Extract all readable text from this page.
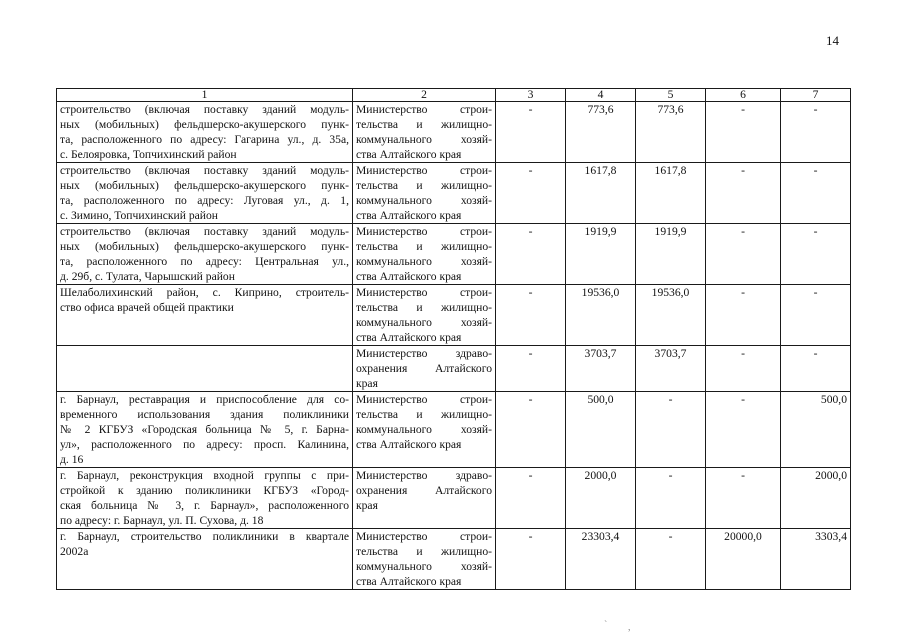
14
1	2	3	4	5	6	7

строительство (включая поставку зданий модуль-
ных (мобильных) фельдшерско-акушерского пунк-
та, расположенного по адресу: Гагарина ул., д. 35а,
с. Белояровка, Топчихинский район	Министерство строи-
тельства и жилищно-
коммунального хозяй-
ства Алтайского края	-	773,6	773,6	-	-

строительство (включая поставку зданий модуль-
ных (мобильных) фельдшерско-акушерского пунк-
та, расположенного по адресу: Луговая ул., д. 1,
с. Зимино, Топчихинский район	Министерство строи-
тельства и жилищно-
коммунального хозяй-
ства Алтайского края	-	1617,8	1617,8	-	-

строительство (включая поставку зданий модуль-
ных (мобильных) фельдшерско-акушерского пунк-
та, расположенного по адресу: Центральная ул.,
д. 29б, с. Тулата, Чарышский район	Министерство строи-
тельства и жилищно-
коммунального хозяй-
ства Алтайского края	-	1919,9	1919,9	-	-

Шелаболихинский район, с. Киприно, строитель-
ство офиса врачей общей практики	Министерство строи-
тельства и жилищно-
коммунального хозяй-
ства Алтайского края	-	19536,0	19536,0	-	-

	Министерство здраво-
охранения Алтайского
края	-	3703,7	3703,7	-	-

г. Барнаул, реставрация и приспособление для со-
временного использования здания поликлиники
№ 2 КГБУЗ «Городская больница № 5, г. Барна-
ул», расположенного по адресу: просп. Калинина,
д. 16	Министерство строи-
тельства и жилищно-
коммунального хозяй-
ства Алтайского края	-	500,0	-	-	500,0

г. Барнаул, реконструкция входной группы с при-
стройкой к зданию поликлиники КГБУЗ «Город-
ская больница № 3, г. Барнаул», расположенного
по адресу: г. Барнаул, ул. П. Сухова, д. 18	Министерство здраво-
охранения Алтайского
края	-	2000,0	-	-	2000,0

г. Барнаул, строительство поликлиники в квартале
2002а	Министерство строи-
тельства и жилищно-
коммунального хозяй-
ства Алтайского края	-	23303,4	-	20000,0	3303,4
` ,
